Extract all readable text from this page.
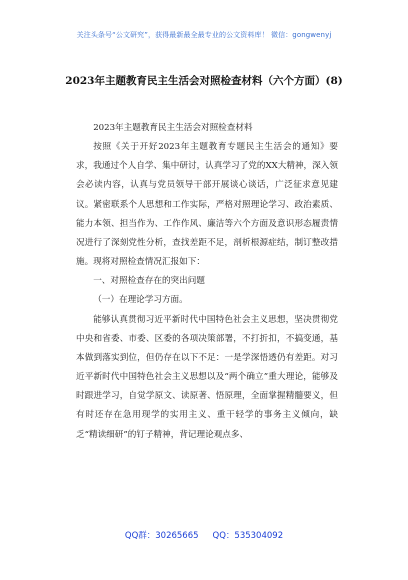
关注头条号“公文研究”，获得最新最全最专业的公文资料库！ 微信：gongwenyj
2023年主题教育民主生活会对照检查材料（六个方面）(8)

2023年主题教育民主生活会对照检查材料

按照《关于开好2023年主题教育专题民主生活会的通知》要求，我通过个人自学、集中研讨，认真学习了党的XX大精神，深入领会必读内容，认真与党员领导干部开展谈心谈话，广泛征求意见建议。紧密联系个人思想和工作实际，严格对照理论学习、政治素质、能力本领、担当作为、工作作风、廉洁等六个方面及意识形态履责情况进行了深刻党性分析，查找差距不足，剖析根源症结，制订整改措施。现将对照检查情况汇报如下：

一、对照检查存在的突出问题

（一）在理论学习方面。

能够认真贯彻习近平新时代中国特色社会主义思想，坚决贯彻党中央和省委、市委、区委的各项决策部署，不打折扣，不搞变通，基本做到落实到位，但仍存在以下不足：一是学深悟透仍有差距。对习近平新时代中国特色社会主义思想以及“两个确立”重大理论，能够及时跟进学习，自觉学原文、读原著、悟原理，全面掌握精髓要义，但有时还存在急用现学的实用主义、重干轻学的事务主义倾向，缺乏“精读细研”的钉子精神，背记理论观点多、

QQ群：30265665 QQ：535304092
